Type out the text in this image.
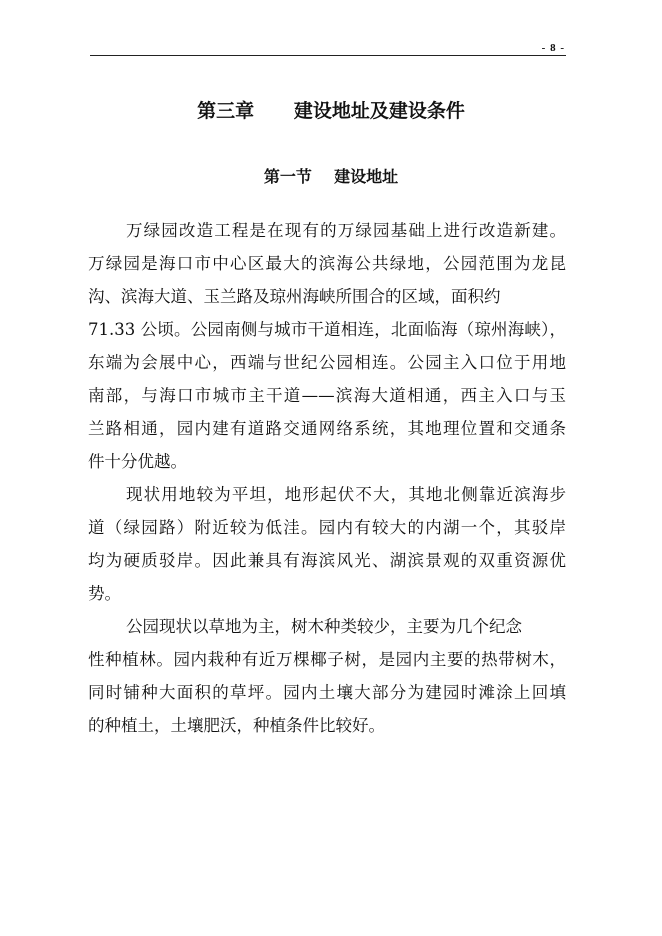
- 8 -
第三章      建设地址及建设条件
第一节    建设地址

万绿园改造工程是在现有的万绿园基础上进行改造新建。

万绿园是海口市中心区最大的滨海公共绿地，公园范围为龙昆

沟、滨海大道、玉兰路及琼州海峡所围合的区域，面积约

71.33 公顷。公园南侧与城市干道相连，北面临海（琼州海峡），

东端为会展中心，西端与世纪公园相连。公园主入口位于用地

南部，与海口市城市主干道——滨海大道相通，西主入口与玉

兰路相通，园内建有道路交通网络系统，其地理位置和交通条

件十分优越。

现状用地较为平坦，地形起伏不大，其地北侧靠近滨海步

道（绿园路）附近较为低洼。园内有较大的内湖一个，其驳岸

均为硬质驳岸。因此兼具有海滨风光、湖滨景观的双重资源优

势。

公园现状以草地为主，树木种类较少，主要为几个纪念

性种植林。园内栽种有近万棵椰子树，是园内主要的热带树木，

同时铺种大面积的草坪。园内土壤大部分为建园时滩涂上回填

的种植土，土壤肥沃，种植条件比较好。
